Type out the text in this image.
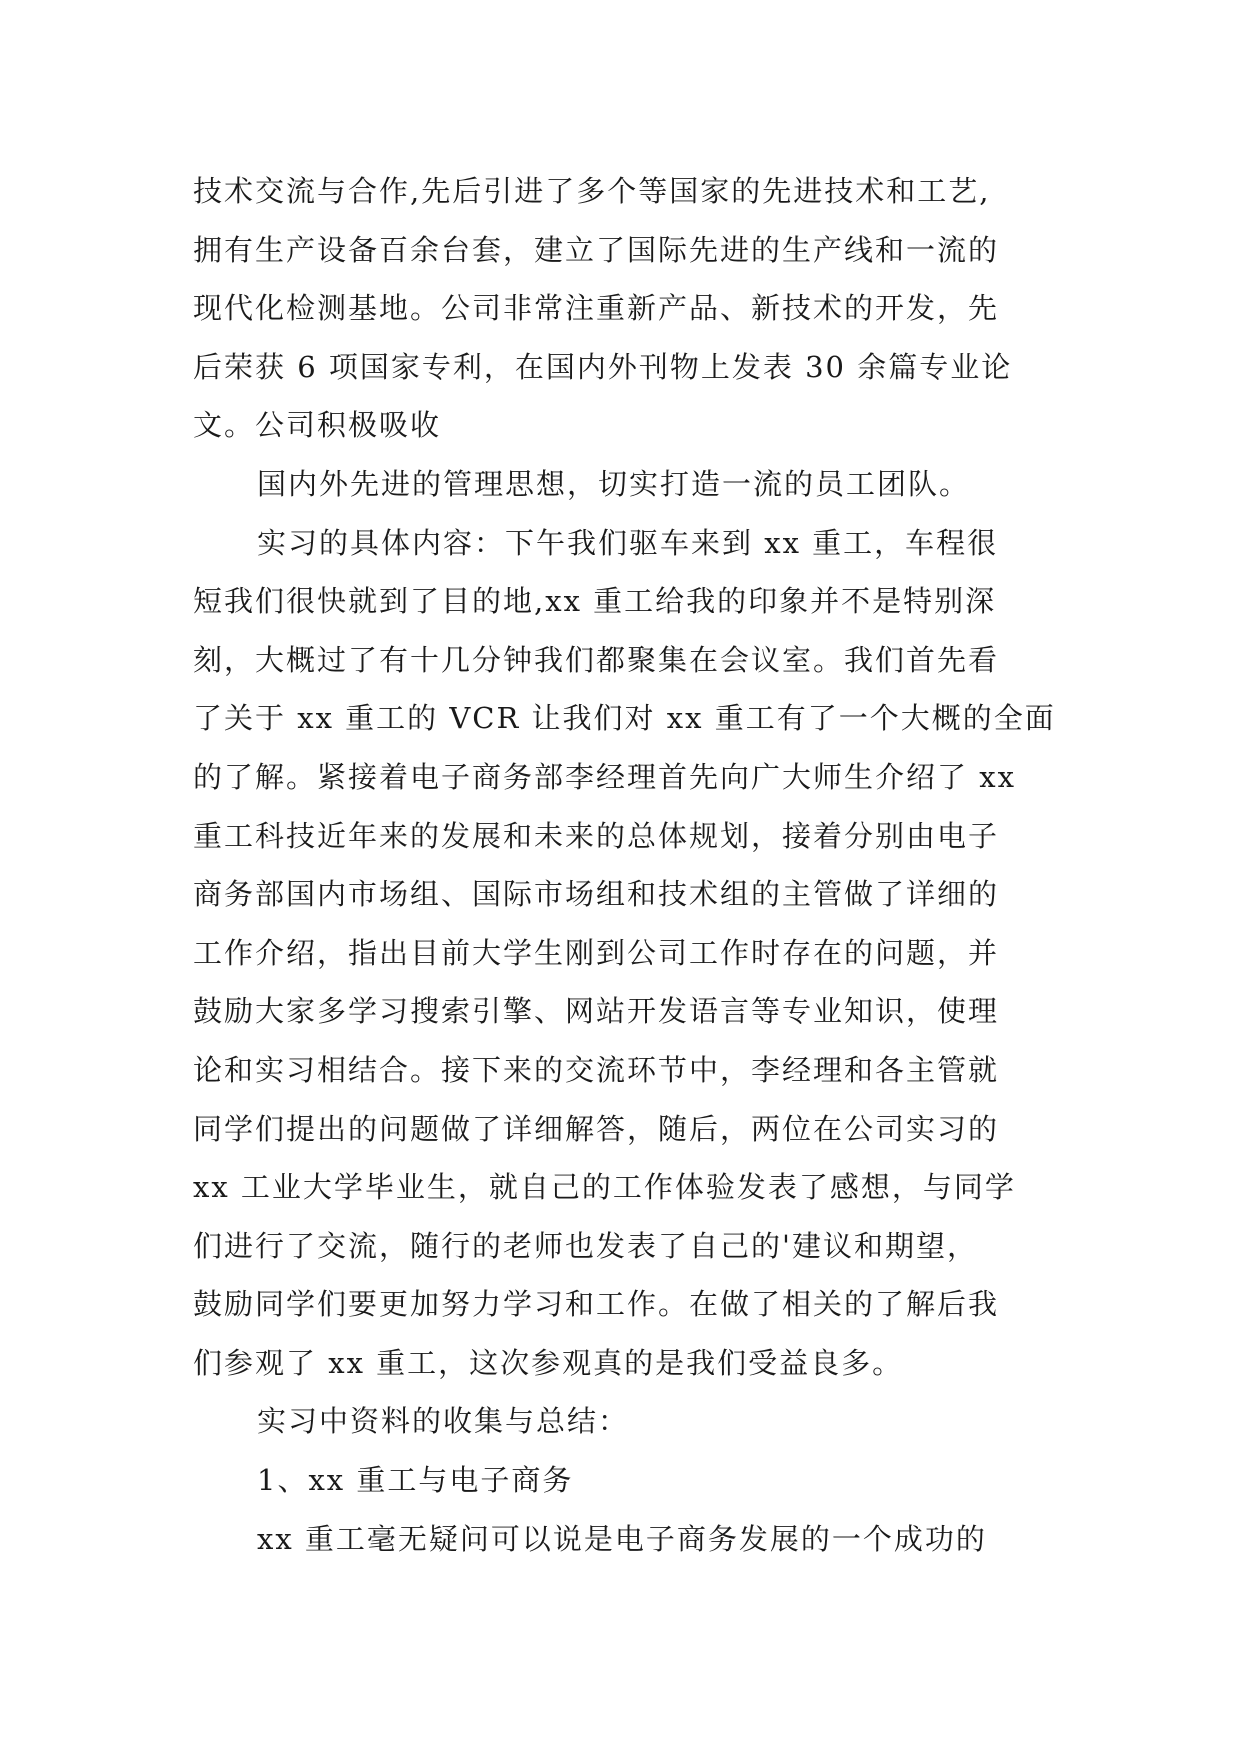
技术交流与合作,先后引进了多个等国家的先进技术和工艺,

拥有生产设备百余台套，建立了国际先进的生产线和一流的

现代化检测基地。公司非常注重新产品、新技术的开发，先

后荣获 6 项国家专利，在国内外刊物上发表 30 余篇专业论

文。公司积极吸收

国内外先进的管理思想，切实打造一流的员工团队。

实习的具体内容：下午我们驱车来到 xx 重工，车程很

短我们很快就到了目的地,xx 重工给我的印象并不是特别深

刻，大概过了有十几分钟我们都聚集在会议室。我们首先看

了关于 xx 重工的 VCR 让我们对 xx 重工有了一个大概的全面

的了解。紧接着电子商务部李经理首先向广大师生介绍了 xx

重工科技近年来的发展和未来的总体规划，接着分别由电子

商务部国内市场组、国际市场组和技术组的主管做了详细的

工作介绍，指出目前大学生刚到公司工作时存在的问题，并

鼓励大家多学习搜索引擎、网站开发语言等专业知识，使理

论和实习相结合。接下来的交流环节中，李经理和各主管就

同学们提出的问题做了详细解答，随后，两位在公司实习的

xx 工业大学毕业生，就自己的工作体验发表了感想，与同学

们进行了交流，随行的老师也发表了自己的'建议和期望，

鼓励同学们要更加努力学习和工作。在做了相关的了解后我

们参观了 xx 重工，这次参观真的是我们受益良多。

实习中资料的收集与总结：

1、xx 重工与电子商务

xx 重工毫无疑问可以说是电子商务发展的一个成功的
